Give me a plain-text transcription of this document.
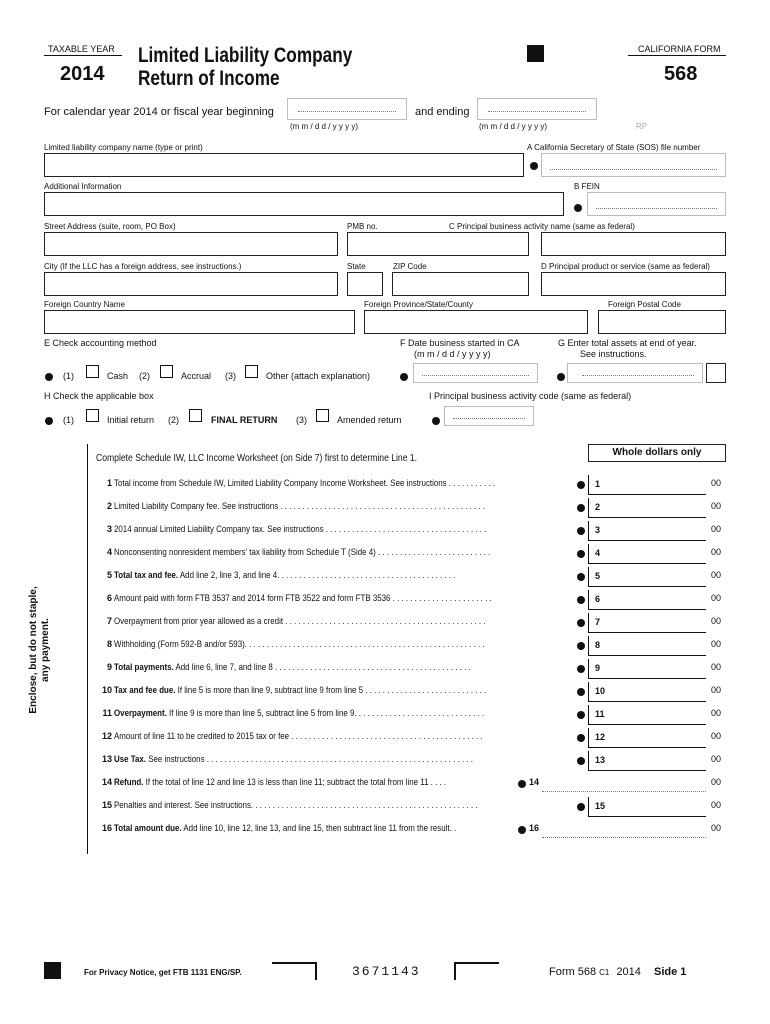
TAXABLE YEAR
2014
Limited Liability Company
Return of Income
CALIFORNIA FORM
568
For calendar year 2014 or fiscal year beginning
(m m / d d / y y y y)
and ending
(m m / d d / y y y y)	RP
Limited liability company name (type or print)	A California Secretary of State (SOS) file number
Additional Information	B FEIN
Street Address (suite, room, PO Box)	PMB no.	C Principal business activity name (same as federal)
City (If the LLC has a foreign address, see instructions.)	State	ZIP Code	D Principal product or service (same as federal)
Foreign Country Name	Foreign Province/State/County	Foreign Postal Code
E Check accounting method	F Date business started in CA
(m m / d d / y y y y)
G Enter total assets at end of year.
See instructions.
(1)	Cash (2)	Accrual (3)	Other (attach explanation)
H Check the applicable box	I Principal business activity code (same as federal)
(1)	Initial return (2)	FINAL RETURN (3)	Amended return
Enclose, but do not staple, any payment.
Complete Schedule IW, LLC Income Worksheet (on Side 7) first to determine Line 1.
Whole dollars only
1 Total income from Schedule IW, Limited Liability Company Income Worksheet. See instructions . . . . . . . . . . .	1	00
2 Limited Liability Company fee. See instructions . . . . . . . . . . . . . . . . . . . . . . . . . . . . . . . . . . . . . . . . . . . . . . .	2	00
3 2014 annual Limited Liability Company tax. See instructions . . . . . . . . . . . . . . . . . . . . . . . . . . . . . . . . . . . . .	3	00
4 Nonconsenting nonresident members’ tax liability from Schedule T (Side 4) . . . . . . . . . . . . . . . . . . . . . . . . . .	4	00
5 Total tax and fee. Add line 2, line 3, and line 4. . . . . . . . . . . . . . . . . . . . . . . . . . . . . . . . . . . . . . . . .	5	00
6 Amount paid with form FTB 3537 and 2014 form FTB 3522 and form FTB 3536 . . . . . . . . . . . . . . . . . . . . . . .	6	00
7 Overpayment from prior year allowed as a credit . . . . . . . . . . . . . . . . . . . . . . . . . . . . . . . . . . . . . . . . . . . . . .	7	00
8 Withholding (Form 592-B and/or 593). . . . . . . . . . . . . . . . . . . . . . . . . . . . . . . . . . . . . . . . . . . . . . . . . . . . . . .	8	00
9 Total payments. Add line 6, line 7, and line 8 . . . . . . . . . . . . . . . . . . . . . . . . . . . . . . . . . . . . . . . . . . . . .	9	00
10 Tax and fee due. If line 5 is more than line 9, subtract line 9 from line 5 . . . . . . . . . . . . . . . . . . . . . . . . . . . .	10	00
11 Overpayment. If line 9 is more than line 5, subtract line 5 from line 9. . . . . . . . . . . . . . . . . . . . . . . . . . . . . .	11	00
12 Amount of line 11 to be credited to 2015 tax or fee . . . . . . . . . . . . . . . . . . . . . . . . . . . . . . . . . . . . . . . . . . . .	12	00
13 Use Tax. See instructions . . . . . . . . . . . . . . . . . . . . . . . . . . . . . . . . . . . . . . . . . . . . . . . . . . . . . . . . . . . . .	13	00
14 Refund. If the total of line 12 and line 13 is less than line 11; subtract the total from line 11 . . . .	14	00
15 Penalties and interest. See instructions. . . . . . . . . . . . . . . . . . . . . . . . . . . . . . . . . . . . . . . . . . . . . . . . . . . .	15	00
16 Total amount due. Add line 10, line 12, line 13, and line 15, then subtract line 11 from the result. .	16	00
For Privacy Notice, get FTB 1131 ENG/SP.	3671143	Form 568 C1 2014 Side 1
